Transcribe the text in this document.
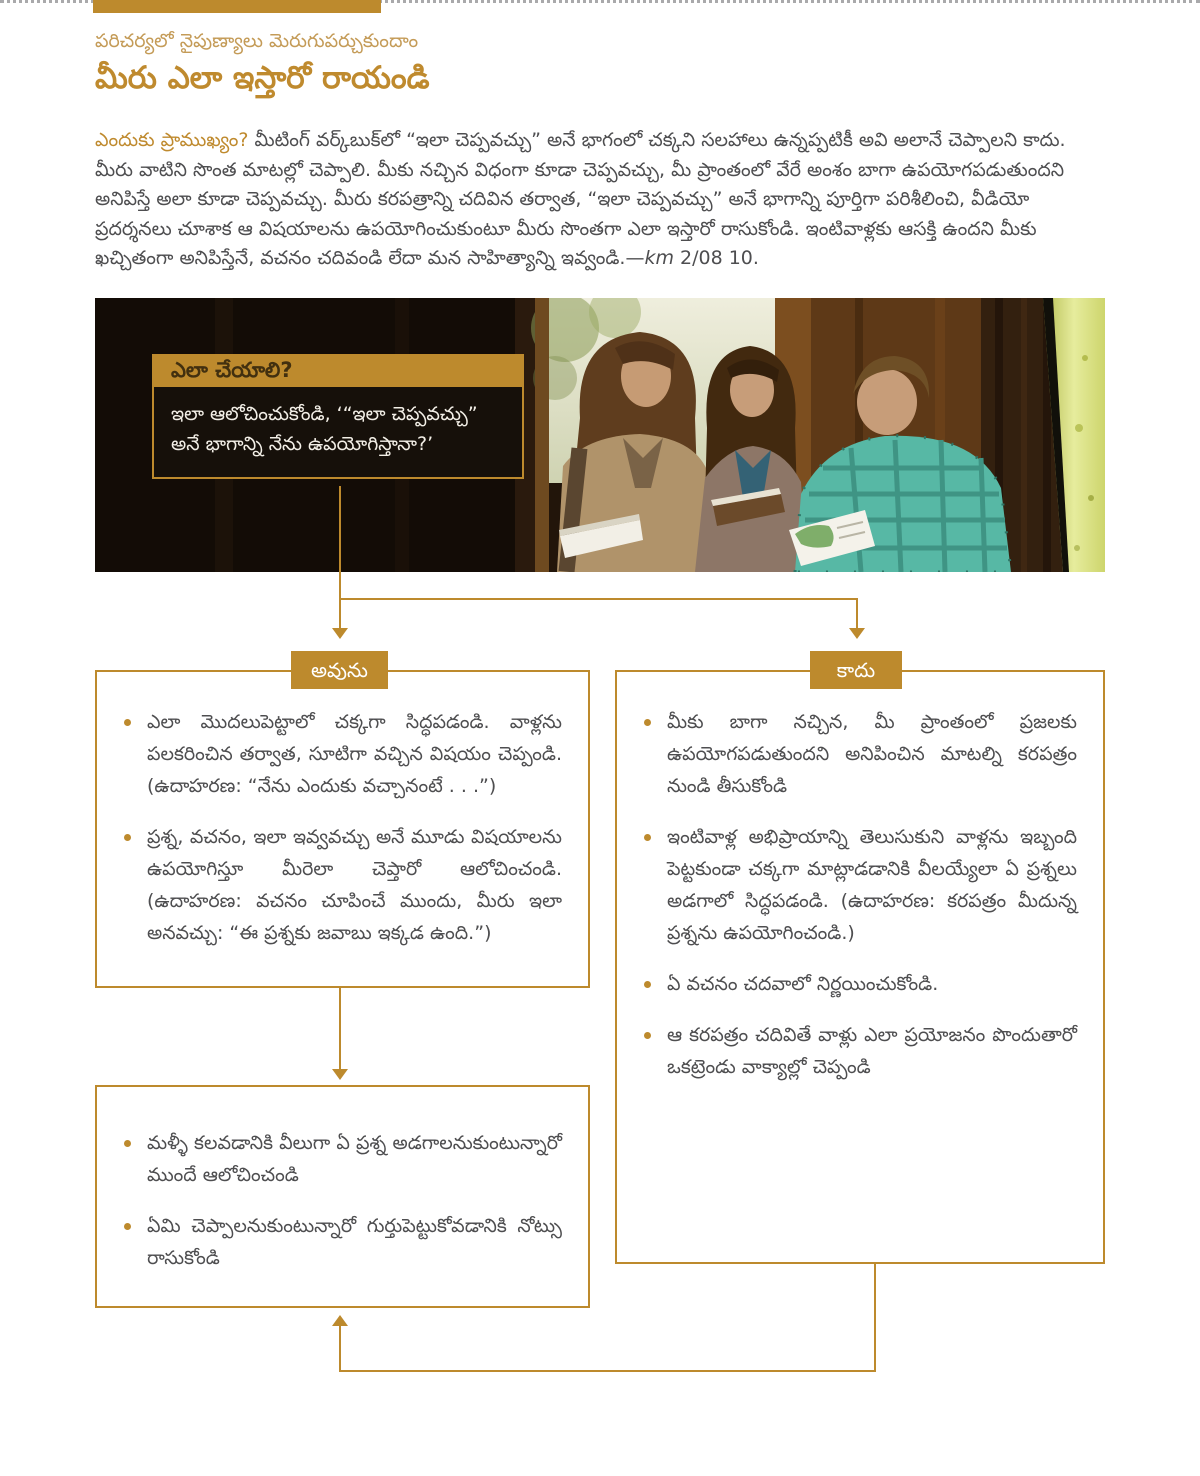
పరిచర్యలో నైపుణ్యాలు మెరుగుపర్చుకుందాం
మీరు ఎలా ఇస్తారో రాయండి

ఎందుకు ప్రాముఖ్యం? మీటింగ్ వర్క్‌బుక్‌లో “ఇలా చెప్పవచ్చు” అనే భాగంలో చక్కని సలహాలు ఉన్నప్పటికీ అవి అలానే చెప్పాలని కాదు. మీరు వాటిని సొంత మాటల్లో చెప్పాలి. మీకు నచ్చిన విధంగా కూడా చెప్పవచ్చు, మీ ప్రాంతంలో వేరే అంశం బాగా ఉపయోగపడుతుందని అనిపిస్తే అలా కూడా చెప్పవచ్చు. మీరు కరపత్రాన్ని చదివిన తర్వాత, “ఇలా చెప్పవచ్చు” అనే భాగాన్ని పూర్తిగా పరిశీలించి, వీడియో ప్రదర్శనలు చూశాక ఆ విషయాలను ఉపయోగించుకుంటూ మీరు సొంతగా ఎలా ఇస్తారో రాసుకోండి. ఇంటివాళ్లకు ఆసక్తి ఉందని మీకు ఖచ్చితంగా అనిపిస్తేనే, వచనం చదివండి లేదా మన సాహిత్యాన్ని ఇవ్వండి.—km 2/08 10.

ఎలా చేయాలి?
ఇలా ఆలోచించుకోండి, ‘“ఇలా చెప్పవచ్చు” అనే భాగాన్ని నేను ఉపయోగిస్తానా?’
అవును	కాదు
ఎలా మొదలుపెట్టాలో చక్కగా సిద్ధపడండి. వాళ్లను పలకరించిన తర్వాత, సూటిగా వచ్చిన విషయం చెప్పండి. (ఉదాహరణ: “నేను ఎందుకు వచ్చానంటే . . .”)
ప్రశ్న, వచనం, ఇలా ఇవ్వవచ్చు అనే మూడు విషయాలను ఉపయోగిస్తూ మీరెలా చెప్తారో ఆలోచించండి. (ఉదాహరణ: వచనం చూపించే ముందు, మీరు ఇలా అనవచ్చు: “ఈ ప్రశ్నకు జవాబు ఇక్కడ ఉంది.”)
మీకు బాగా నచ్చిన, మీ ప్రాంతంలో ప్రజలకు ఉపయోగపడుతుందని అనిపించిన మాటల్ని కరపత్రం నుండి తీసుకోండి
ఇంటివాళ్ల అభిప్రాయాన్ని తెలుసుకుని వాళ్లను ఇబ్బంది పెట్టకుండా చక్కగా మాట్లాడడానికి వీలయ్యేలా ఏ ప్రశ్నలు అడగాలో సిద్ధపడండి. (ఉదాహరణ: కరపత్రం మీదున్న ప్రశ్నను ఉపయోగించండి.)
ఏ వచనం చదవాలో నిర్ణయించుకోండి.
ఆ కరపత్రం చదివితే వాళ్లు ఎలా ప్రయోజనం పొందుతారో ఒకట్రెండు వాక్యాల్లో చెప్పండి
మళ్ళీ కలవడానికి వీలుగా ఏ ప్రశ్న అడగాలనుకుంటున్నారో ముందే ఆలోచించండి
ఏమి చెప్పాలనుకుంటున్నారో గుర్తుపెట్టుకోవడానికి నోట్సు రాసుకోండి
